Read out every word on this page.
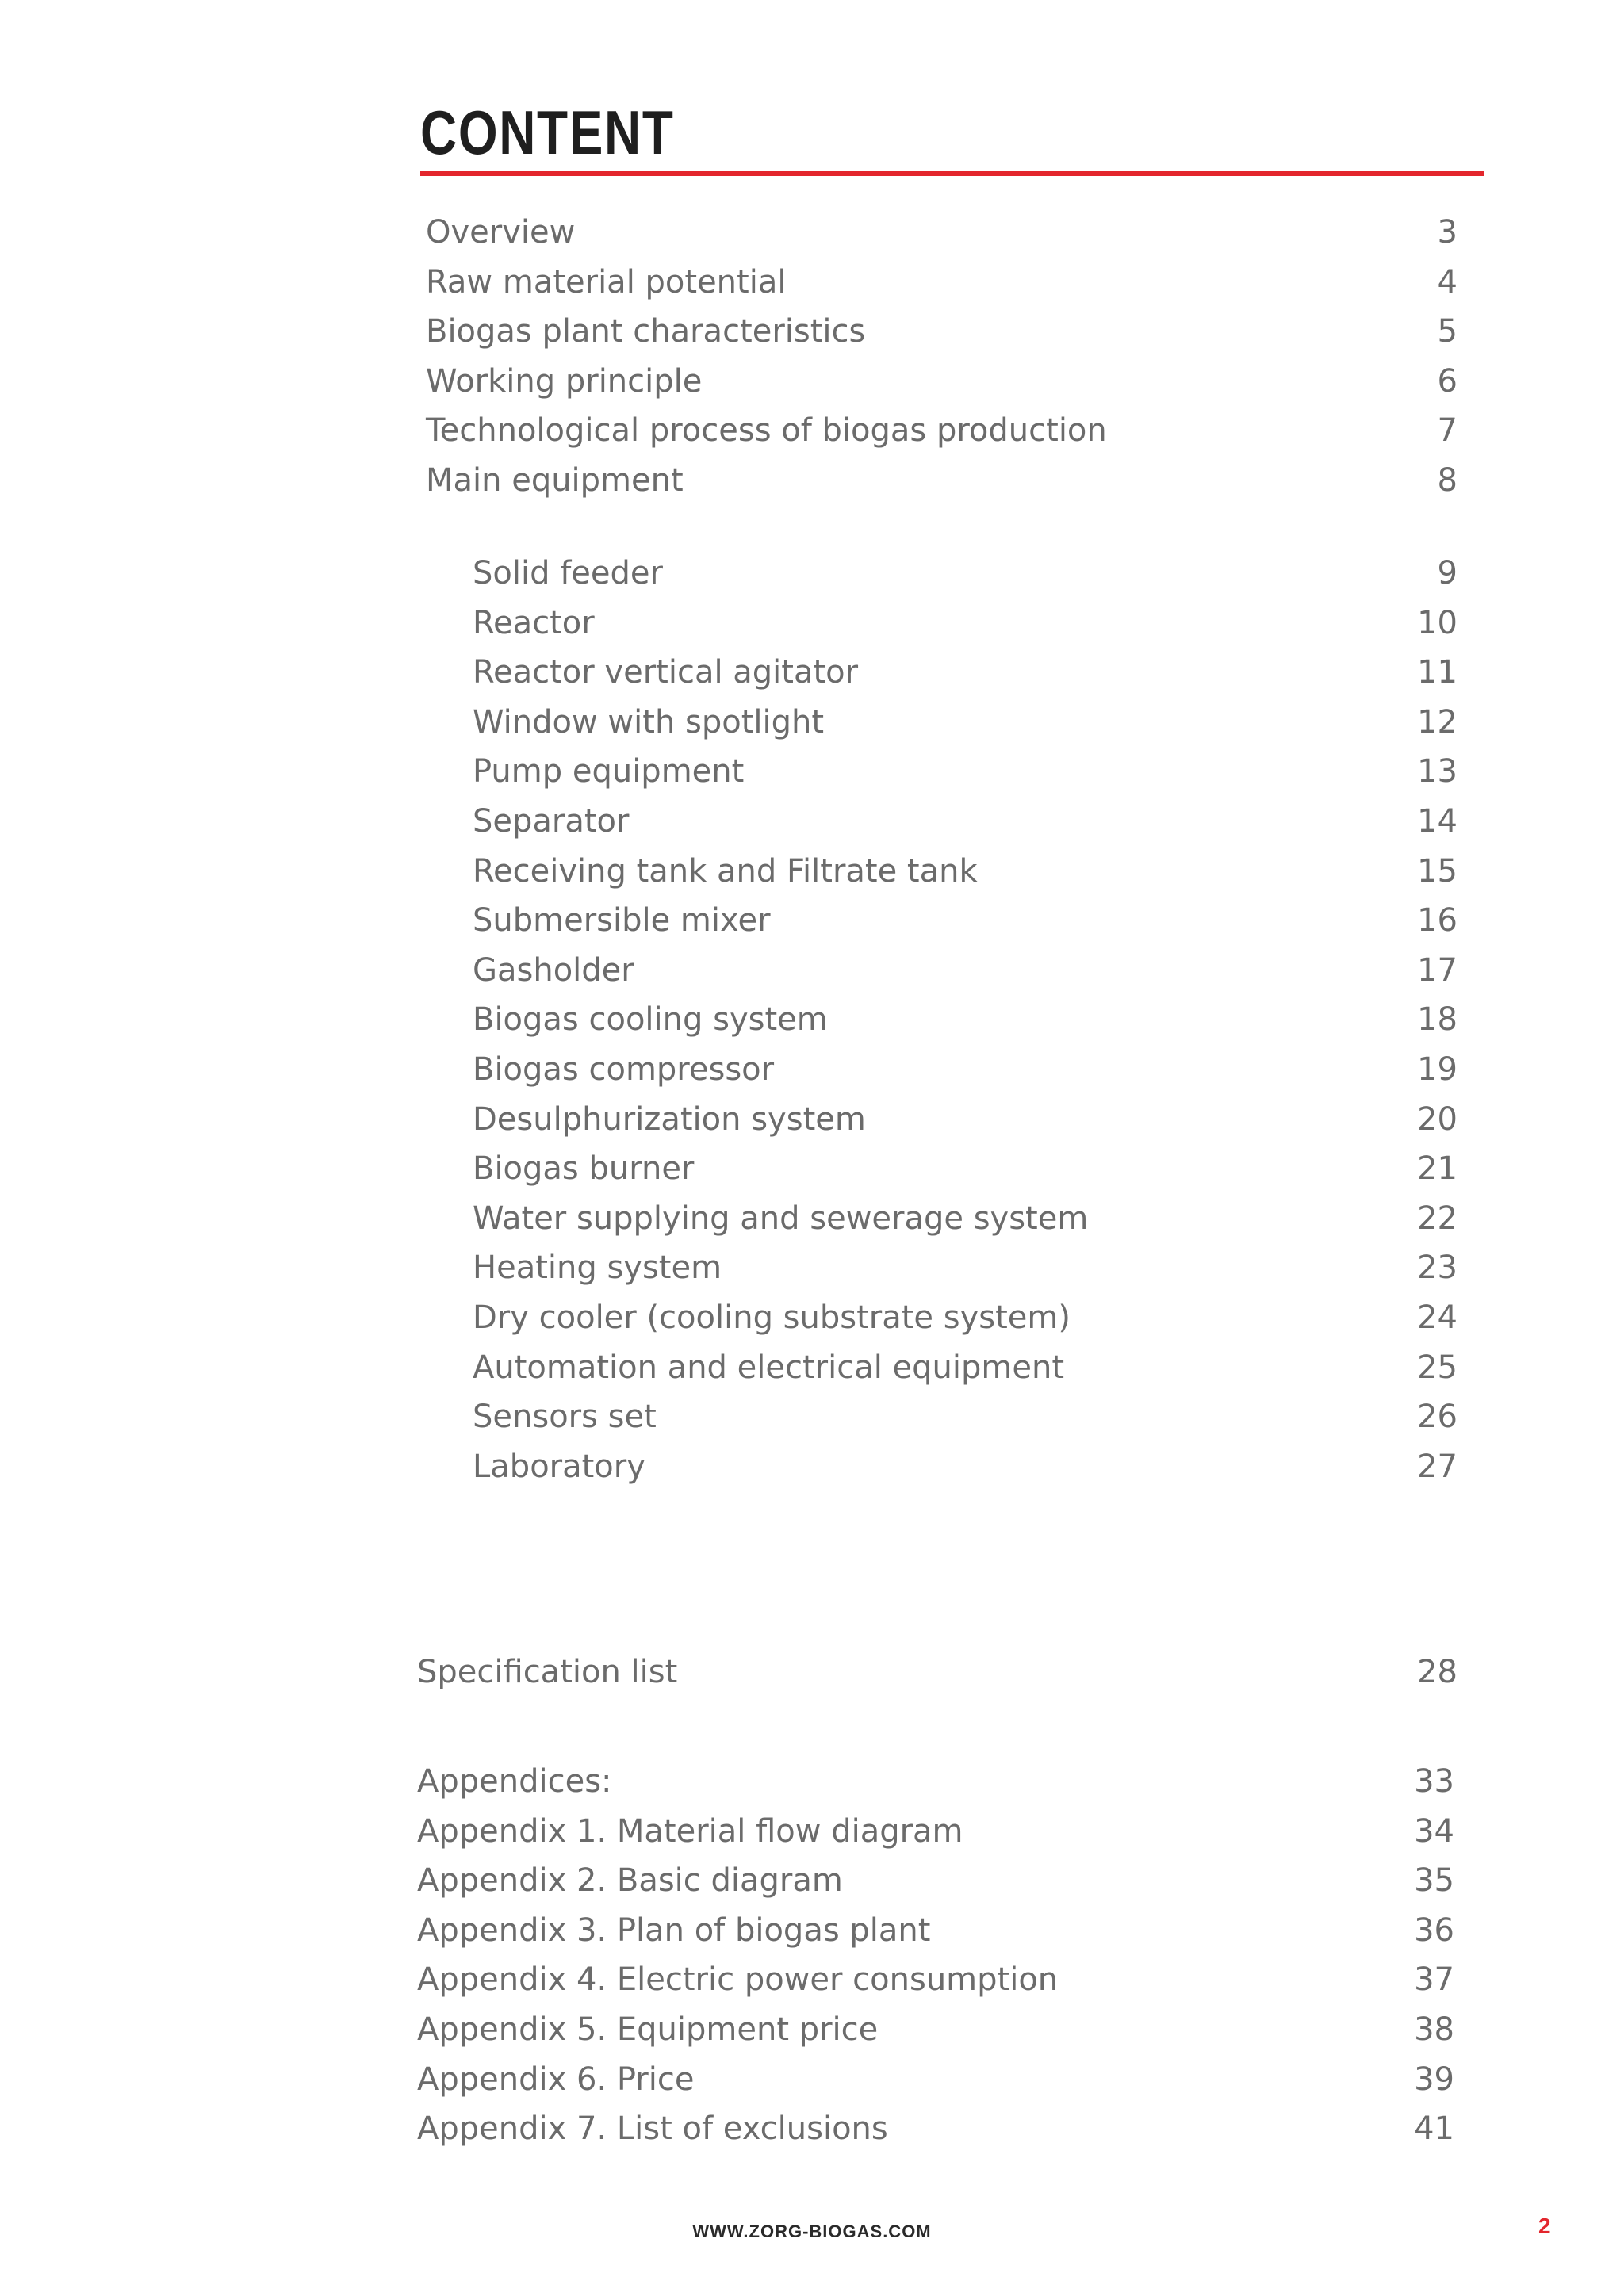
CONTENT
Overview	3
Raw material potential	4
Biogas plant characteristics	5
Working principle	6
Technological process of biogas production	7
Main equipment	8
Solid feeder	9
Reactor	10
Reactor vertical agitator	11
Window with spotlight	12
Pump equipment	13
Separator	14
Receiving tank and Filtrate tank	15
Submersible mixer	16
Gasholder	17
Biogas cooling system	18
Biogas compressor	19
Desulphurization system	20
Biogas burner	21
Water supplying and sewerage system	22
Heating system	23
Dry cooler (cooling substrate system)	24
Automation and electrical equipment	25
Sensors set	26
Laboratory	27
Specification list	28
Appendices:	33
Appendix 1. Material flow diagram	34
Appendix 2. Basic diagram	35
Appendix 3. Plan of biogas plant	36
Appendix 4. Electric power consumption	37
Appendix 5. Equipment price	38
Appendix 6. Price	39
Appendix 7. List of exclusions	41
WWW.ZORG-BIOGAS.COM	2
